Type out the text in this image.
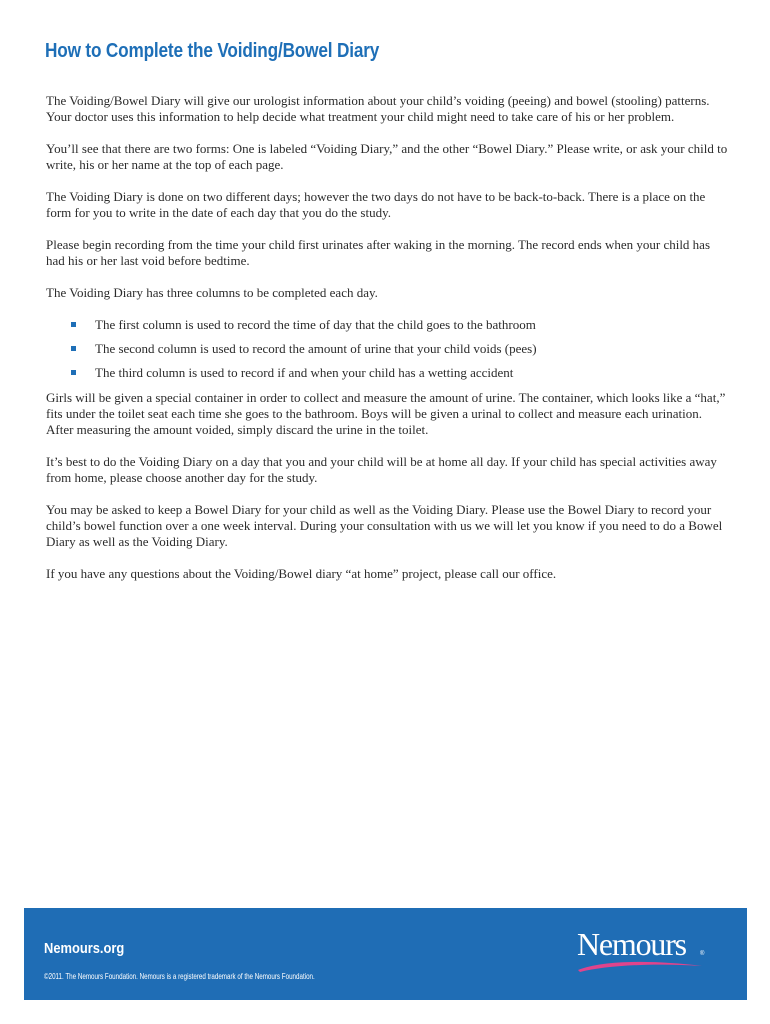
How to Complete the Voiding/Bowel Diary

The Voiding/Bowel Diary will give our urologist information about your child’s voiding (peeing) and bowel (stooling) patterns. Your doctor uses this information to help decide what treatment your child might need to take care of his or her problem.

You’ll see that there are two forms: One is labeled “Voiding Diary,” and the other “Bowel Diary.” Please write, or ask your child to write, his or her name at the top of each page.

The Voiding Diary is done on two different days; however the two days do not have to be back-to-back. There is a place on the form for you to write in the date of each day that you do the study.

Please begin recording from the time your child first urinates after waking in the morning. The record ends when your child has had his or her last void before bedtime.

The Voiding Diary has three columns to be completed each day.

The first column is used to record the time of day that the child goes to the bathroom
The second column is used to record the amount of urine that your child voids (pees)
The third column is used to record if and when your child has a wetting accident

Girls will be given a special container in order to collect and measure the amount of urine. The container, which looks like a “hat,” fits under the toilet seat each time she goes to the bathroom. Boys will be given a urinal to collect and measure each urination. After measuring the amount voided, simply discard the urine in the toilet.

It’s best to do the Voiding Diary on a day that you and your child will be at home all day. If your child has special activities away from home, please choose another day for the study.

You may be asked to keep a Bowel Diary for your child as well as the Voiding Diary. Please use the Bowel Diary to record your child’s bowel function over a one week interval. During your consultation with us we will let you know if you need to do a Bowel Diary as well as the Voiding Diary.

If you have any questions about the Voiding/Bowel diary “at home” project, please call our office.

Nemours.org
©2011. The Nemours Foundation. Nemours is a registered trademark of the Nemours Foundation.
Nemours ®
